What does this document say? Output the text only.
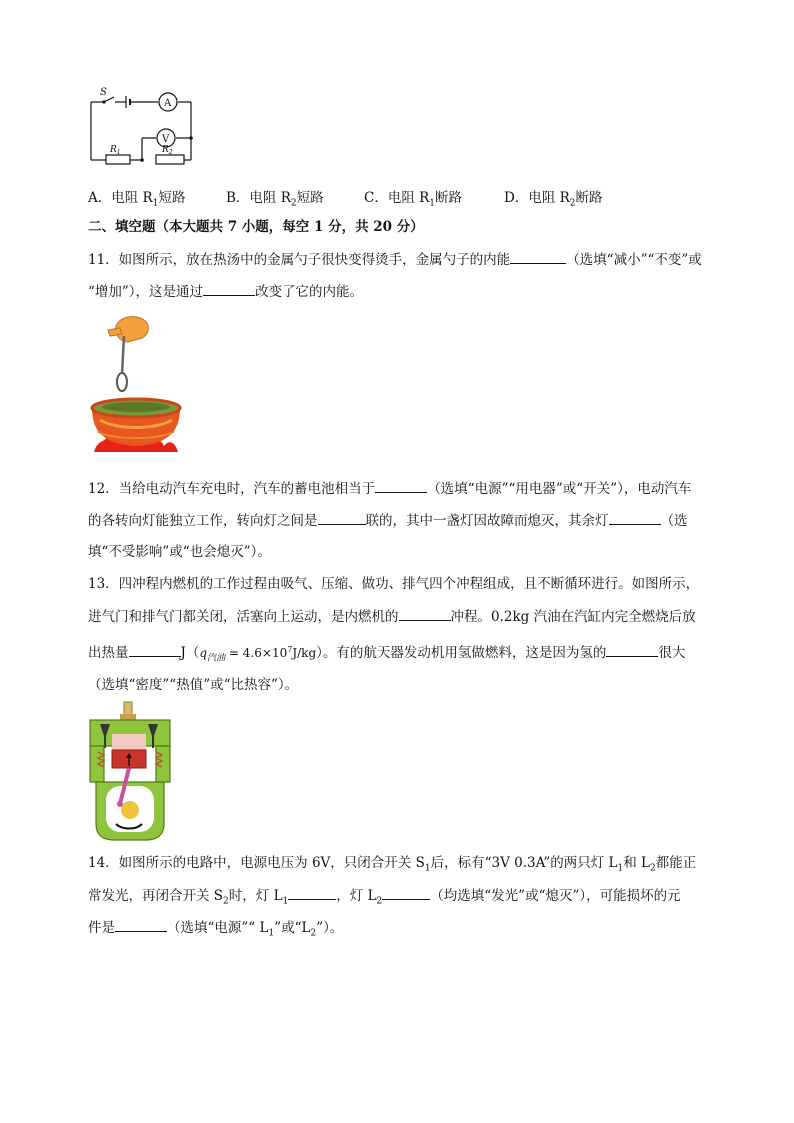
S
A
V
$R_1$	$R_2$
A．电阻 $R_1$短路	B．电阻 $R_2$短路	C．电阻 $R_1$断路	D．电阻 $R_2$断路
二、填空题（本大题共 7 小题，每空 1 分，共 20 分）
11．如图所示，放在热汤中的金属勺子很快变得烫手，金属勺子的内能	（选填“减小”“不变”或
“增加”），这是通过	改变了它的内能。
12．当给电动汽车充电时，汽车的蓄电池相当于	（选填“电源”“用电器”或“开关”），电动汽车
的各转向灯能独立工作，转向灯之间是	联的，其中一盏灯因故障而熄灭，其余灯	（选
填“不受影响”或“也会熄灭”）。
13．四冲程内燃机的工作过程由吸气、压缩、做功、排气四个冲程组成，且不断循环进行。如图所示，
进气门和排气门都关闭，活塞向上运动，是内燃机的	冲程。0.2kg 汽油在汽缸内完全燃烧后放
出热量	$J(q_{汽油} = 4.6\times 10^7J/kg)$。有的航天器发动机用氢做燃料，这是因为氢的	很大
（选填“密度”“热值”或“比热容”）。
14．如图所示的电路中，电源电压为 6V，只闭合开关 $S_1$后，标有“3V 0.3A”的两只灯 $L_1$和 $L_2$都能正
常发光，再闭合开关 $S_2$时，灯 $L_1$	，灯 $L_2$	（均选填“发光”或“熄灭”），可能损坏的元
件是	（选填“电源”“ $L_1$”或“$L_2$”）。
